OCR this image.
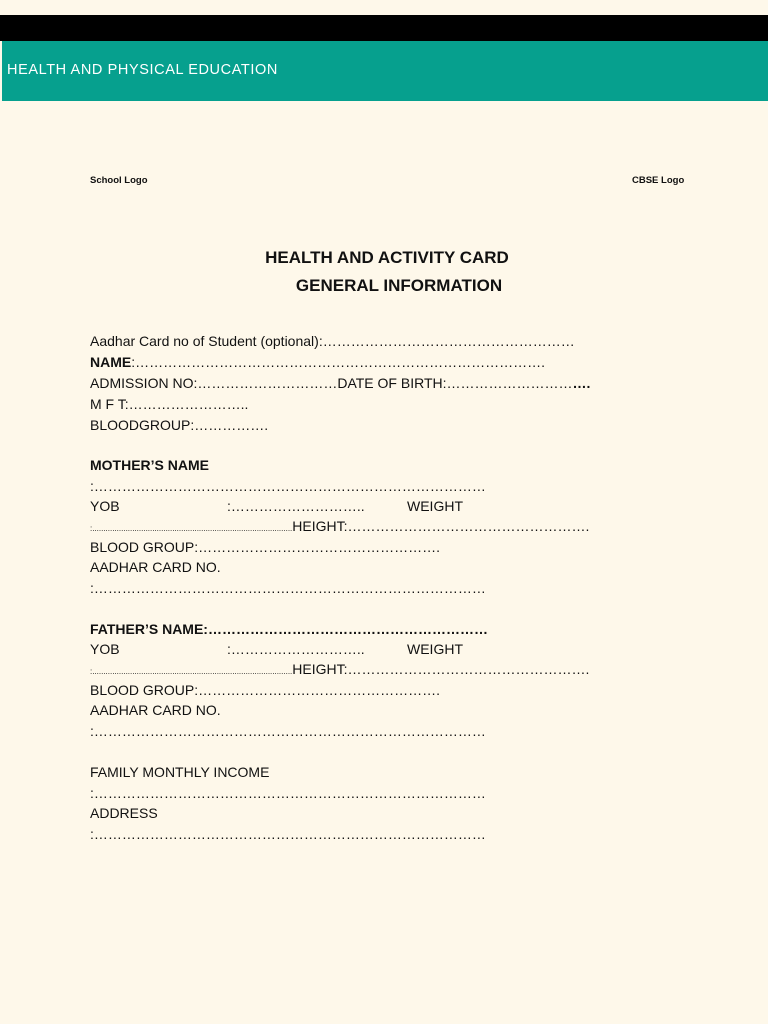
HEALTH AND PHYSICAL EDUCATION
School Logo	CBSE Logo
HEALTH AND ACTIVITY CARD
GENERAL INFORMATION
Aadhar Card no of Student (optional):………………………………………………
NAME:…………………………………………………………………………….
ADMISSION NO:…………………………DATE OF BIRTH:………………………….
M F T:……………………..
BLOODGROUP:…………….
MOTHER’S NAME
:…………………………………………………………………………
YOB	:………………………..	WEIGHT
:..........................................................................................HEIGHT:…………………………………………….
BLOOD GROUP:…………………………………………….
AADHAR CARD NO.
:…………………………………………………………………………
FATHER’S NAME:……………………………………………………
YOB	:………………………..	WEIGHT
:..........................................................................................HEIGHT:…………………………………………….
BLOOD GROUP:…………………………………………….
AADHAR CARD NO.
:…………………………………………………………………………
FAMILY MONTHLY INCOME
:…………………………………………………………………………
ADDRESS
:…………………………………………………………………………
